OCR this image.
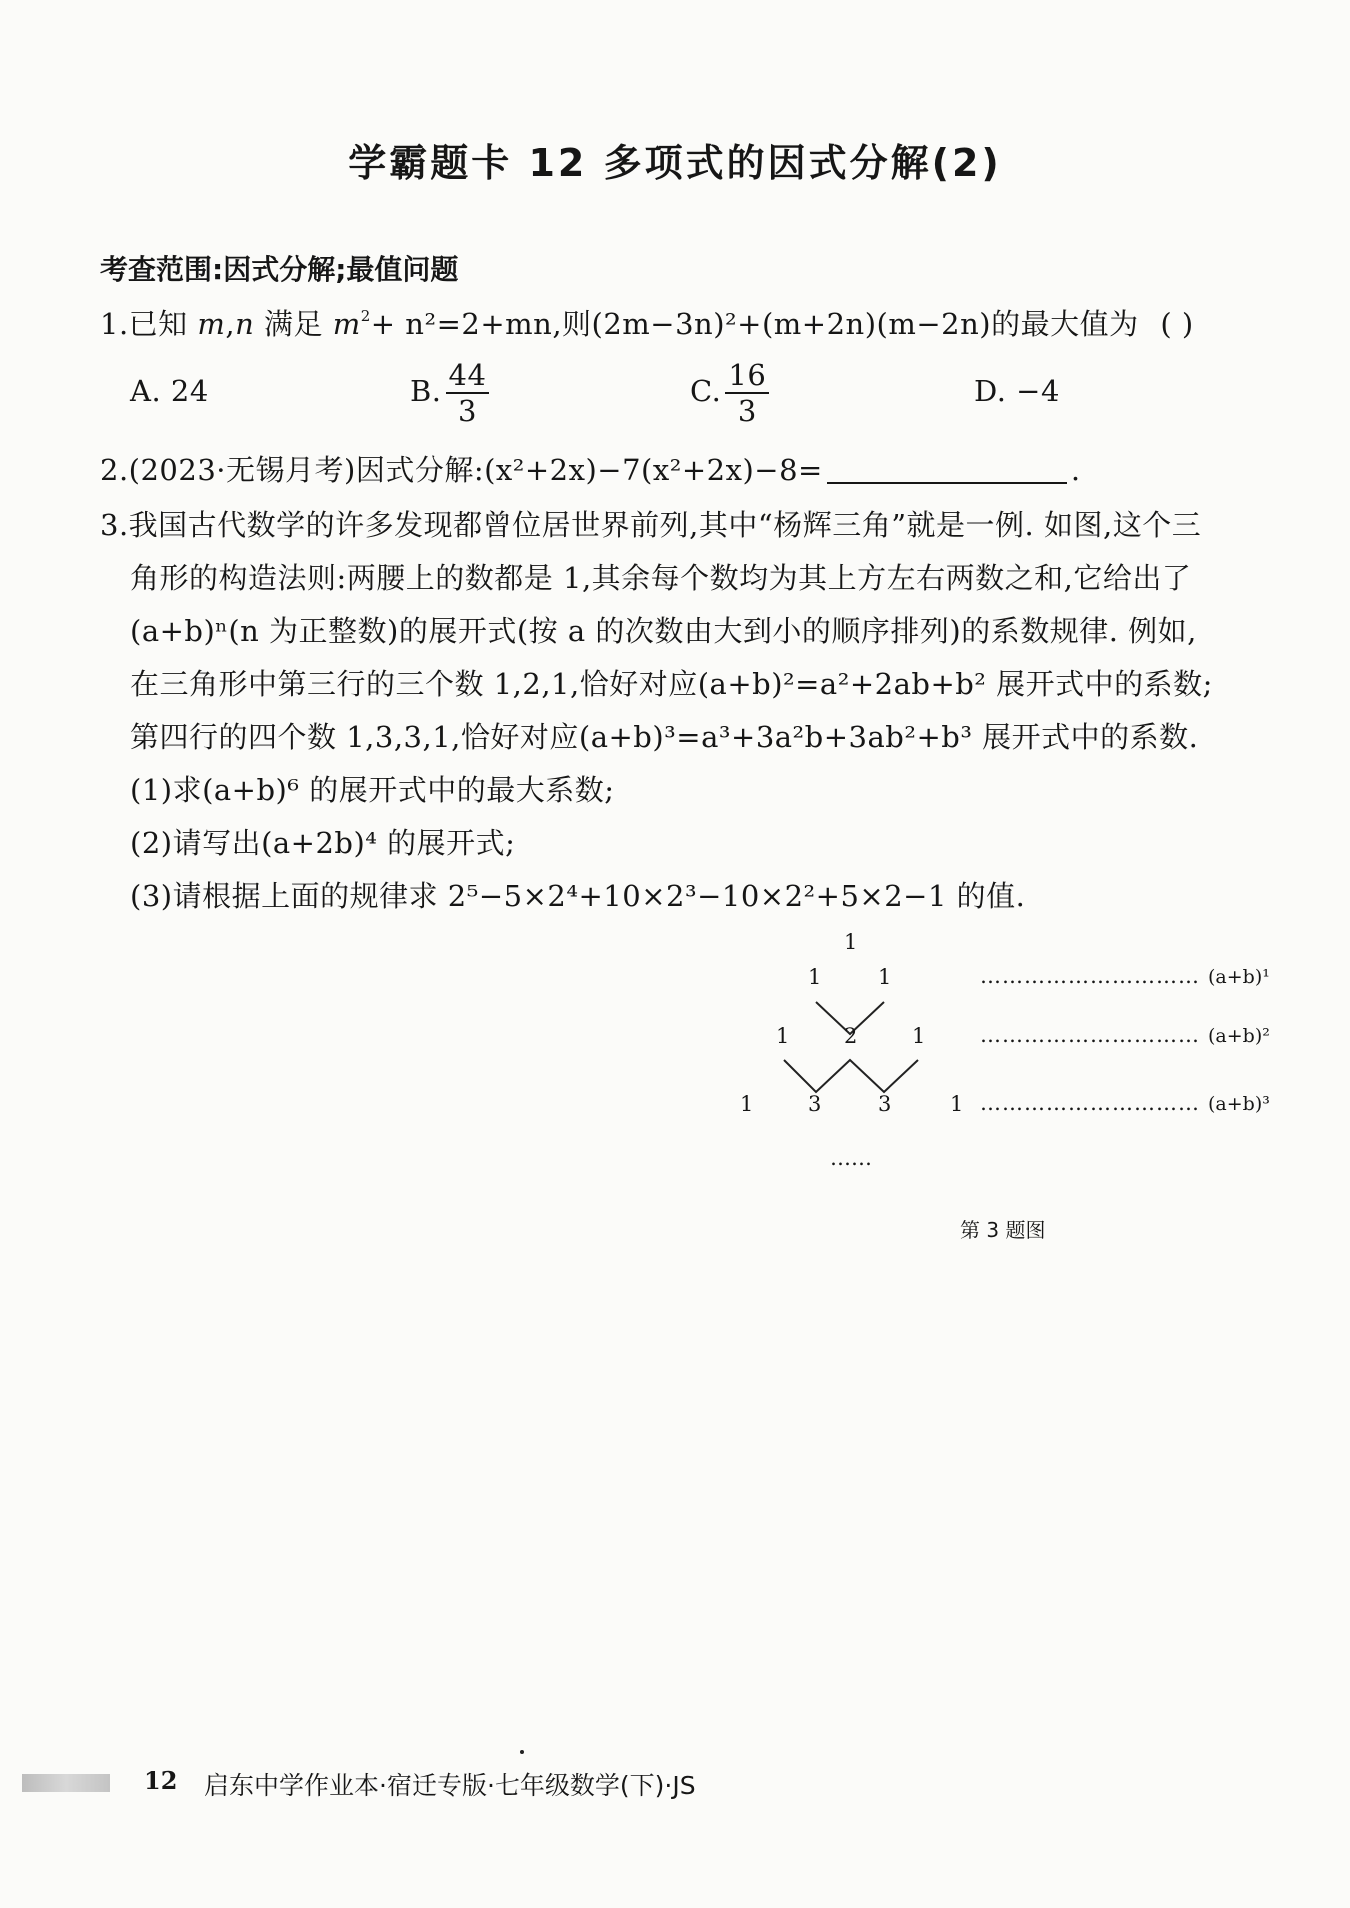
学霸题卡 12 多项式的因式分解(2)
考查范围:因式分解;最值问题
1.已知 m,n 满足 $m^2+ n^2=2+mn$,则(2m−3n)²+(m+2n)(m−2n)的最大值为 ( )
A. 24	B. $\frac{44}{3}$	C. $\frac{16}{3}$	D. −4
2.(2023·无锡月考)因式分解:(x²+2x)−7(x²+2x)−8=	.
3.我国古代数学的许多发现都曾位居世界前列,其中“杨辉三角”就是一例. 如图,这个三
角形的构造法则:两腰上的数都是 1,其余每个数均为其上方左右两数之和,它给出了
(a+b)ⁿ(n 为正整数)的展开式(按 a 的次数由大到小的顺序排列)的系数规律. 例如,
在三角形中第三行的三个数 1,2,1,恰好对应(a+b)²=a²+2ab+b² 展开式中的系数;
第四行的四个数 1,3,3,1,恰好对应(a+b)³=a³+3a²b+3ab²+b³ 展开式中的系数.
(1)求(a+b)⁶ 的展开式中的最大系数;
(2)请写出(a+2b)⁴ 的展开式;
(3)请根据上面的规律求 2⁵−5×2⁴+10×2³−10×2²+5×2−1 的值.
1
1	1
1	2	1
1	3	3	1
…………………………
…………………………
…………………………
(a+b)¹
(a+b)²
(a+b)³
……
第 3 题图
12 启东中学作业本·宿迁专版·七年级数学(下)·JS
